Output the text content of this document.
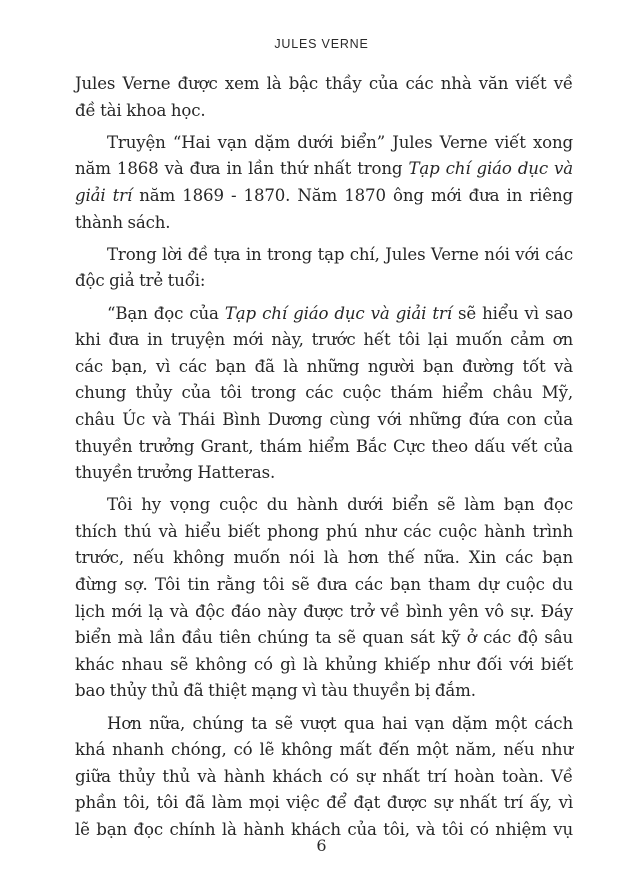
JULES VERNE
Jules Verne được xem là bậc thầy của các nhà văn viết về
đề tài khoa học.
Truyện “Hai vạn dặm dưới biển” Jules Verne viết xong
năm 1868 và đưa in lần thứ nhất trong Tạp chí giáo dục và
giải trí năm 1869 - 1870. Năm 1870 ông mới đưa in riêng
thành sách.
Trong lời đề tựa in trong tạp chí, Jules Verne nói với các
độc giả trẻ tuổi:
“Bạn đọc của Tạp chí giáo dục và giải trí sẽ hiểu vì sao
khi đưa in truyện mới này, trước hết tôi lại muốn cảm ơn
các bạn, vì các bạn đã là những người bạn đường tốt và
chung thủy của tôi trong các cuộc thám hiểm châu Mỹ,
châu Úc và Thái Bình Dương cùng với những đứa con của
thuyền trưởng Grant, thám hiểm Bắc Cực theo dấu vết của
thuyền trưởng Hatteras.
Tôi hy vọng cuộc du hành dưới biển sẽ làm bạn đọc
thích thú và hiểu biết phong phú như các cuộc hành trình
trước, nếu không muốn nói là hơn thế nữa. Xin các bạn
đừng sợ. Tôi tin rằng tôi sẽ đưa các bạn tham dự cuộc du
lịch mới lạ và độc đáo này được trở về bình yên vô sự. Đáy
biển mà lần đầu tiên chúng ta sẽ quan sát kỹ ở các độ sâu
khác nhau sẽ không có gì là khủng khiếp như đối với biết
bao thủy thủ đã thiệt mạng vì tàu thuyền bị đắm.
Hơn nữa, chúng ta sẽ vượt qua hai vạn dặm một cách
khá nhanh chóng, có lẽ không mất đến một năm, nếu như
giữa thủy thủ và hành khách có sự nhất trí hoàn toàn. Về
phần tôi, tôi đã làm mọi việc để đạt được sự nhất trí ấy, vì
lẽ bạn đọc chính là hành khách của tôi, và tôi có nhiệm vụ
6
